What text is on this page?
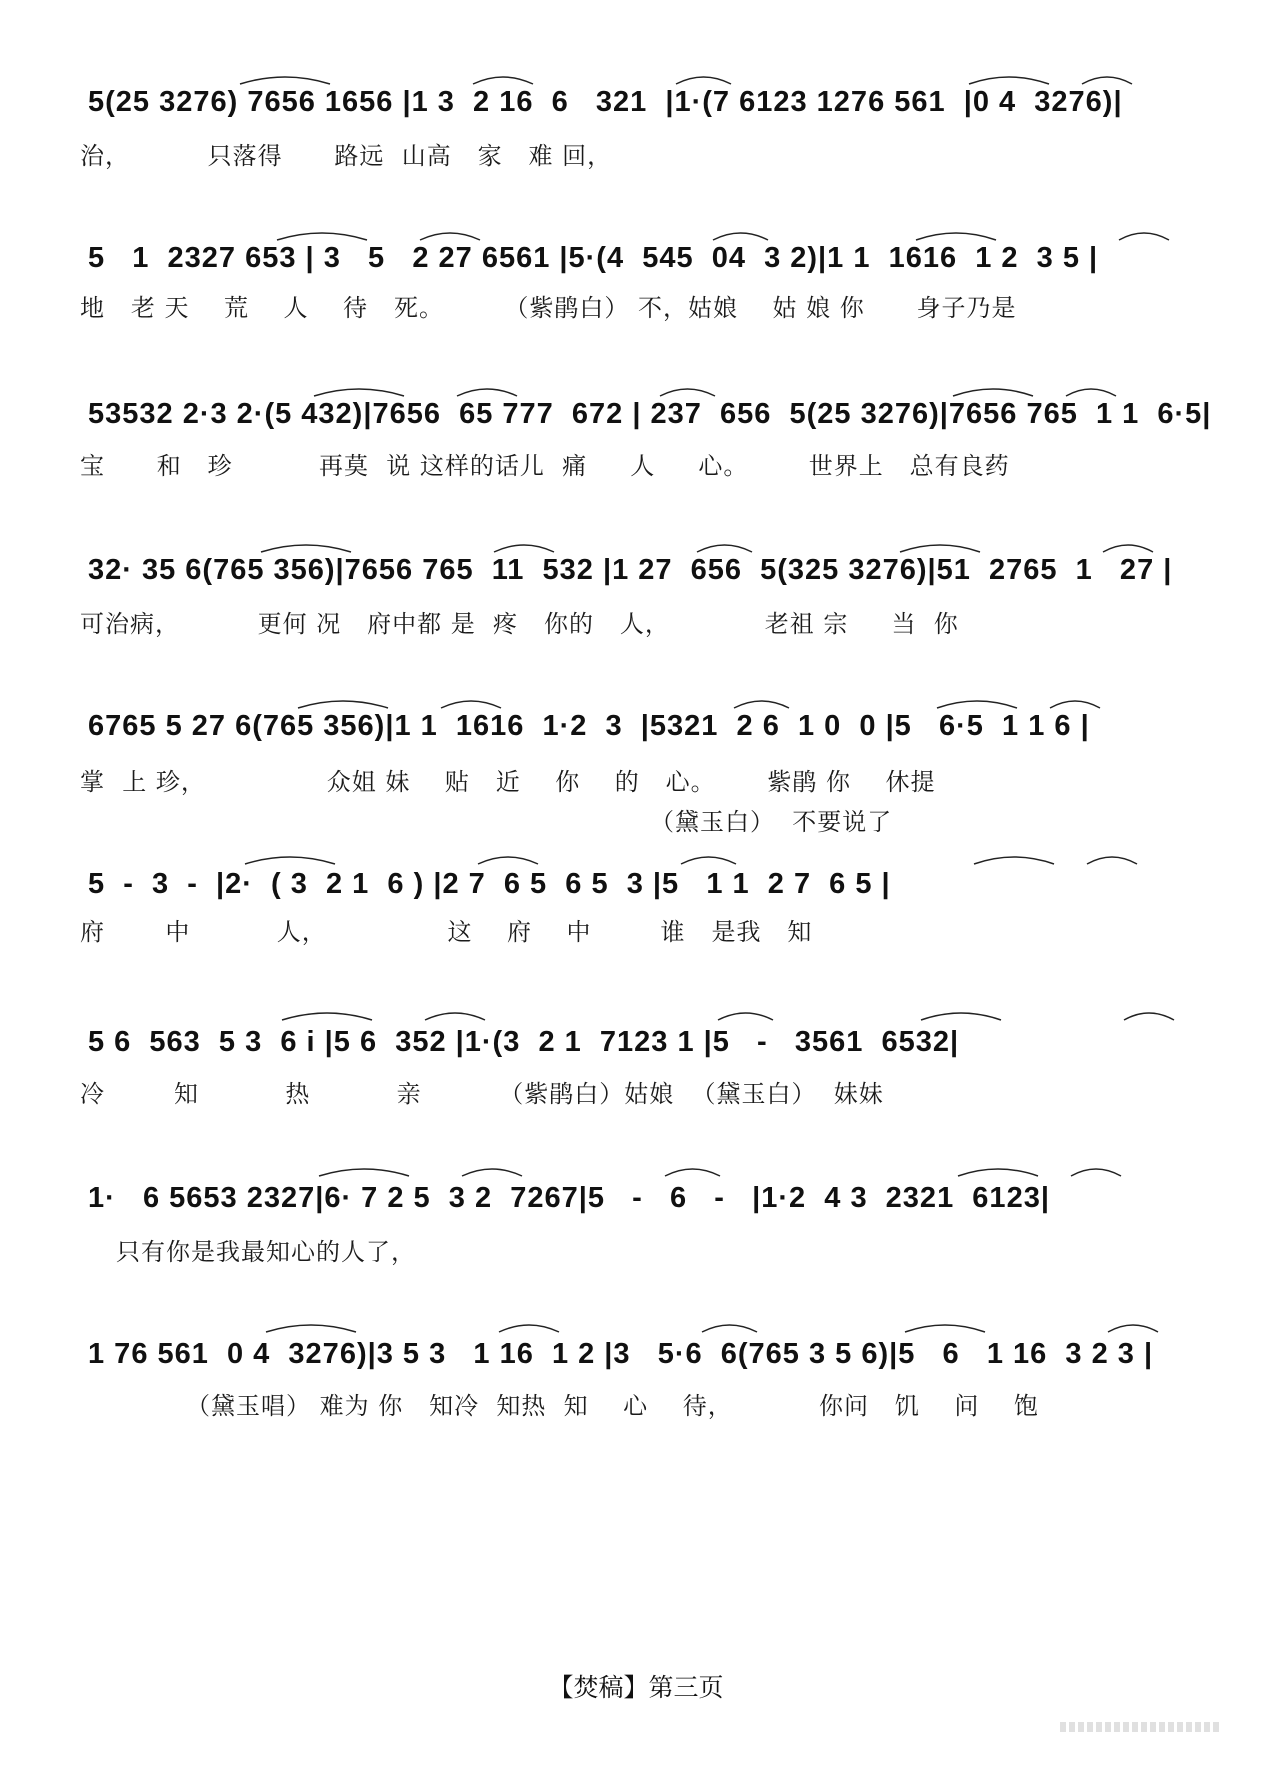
5(25 3276) 7656 1656 |1 3  2 16  6   321  |1·(7 6123 1276 561  |0 4  3276)|
治，         只落得      路远  山高   家   难 回，
5   1  2327 653 | 3   5   2 27 6561 |5·(4  545  04  3 2)|1 1  1616  1 2  3 5 |
地   老 天    荒    人    待   死。       （紫鹃白） 不，姑娘    姑 娘 你      身子乃是
53532 2·3 2·(5 432)|7656  65 777  672 | 237  656  5(25 3276)|7656 765  1 1  6·5|
宝      和   珍          再莫  说 这样的话儿  痛     人     心。       世界上   总有良药
32· 35 6(765 356)|7656 765  11  532 |1 27  656  5(325 3276)|51  2765  1   27 |
可治病，         更何 况   府中都 是  疼   你的   人，           老祖 宗     当  你
6765 5 27 6(765 356)|1 1  1616  1·2  3  |5321  2 6  1 0  0 |5   6·5  1 1 6 |
掌  上 珍，              众姐 妹    贴   近    你    的   心。      紫鹃 你    休提
（黛玉白）  不要说了
5  -  3  -  |2·  ( 3  2 1  6 ) |2 7  6 5  6 5  3 |5   1 1  2 7  6 5 |
府       中          人，              这    府    中        谁   是我   知
5 6  563  5 3  6 i |5 6  352 |1·(3  2 1  7123 1 |5   -   3561  6532|
冷        知          热          亲         （紫鹃白）姑娘  （黛玉白）  妹妹
1·   6 5653 2327|6· 7 2 5  3 2  7267|5   -   6   -   |1·2  4 3  2321  6123|
只有你是我最知心的人了，
1 76 561  0 4  3276)|3 5 3   1 16  1 2 |3   5·6  6(765 3 5 6)|5   6   1 16  3 2 3 |
（黛玉唱） 难为 你   知冷  知热  知    心    待，          你问   饥    问    饱
【焚稿】第三页
